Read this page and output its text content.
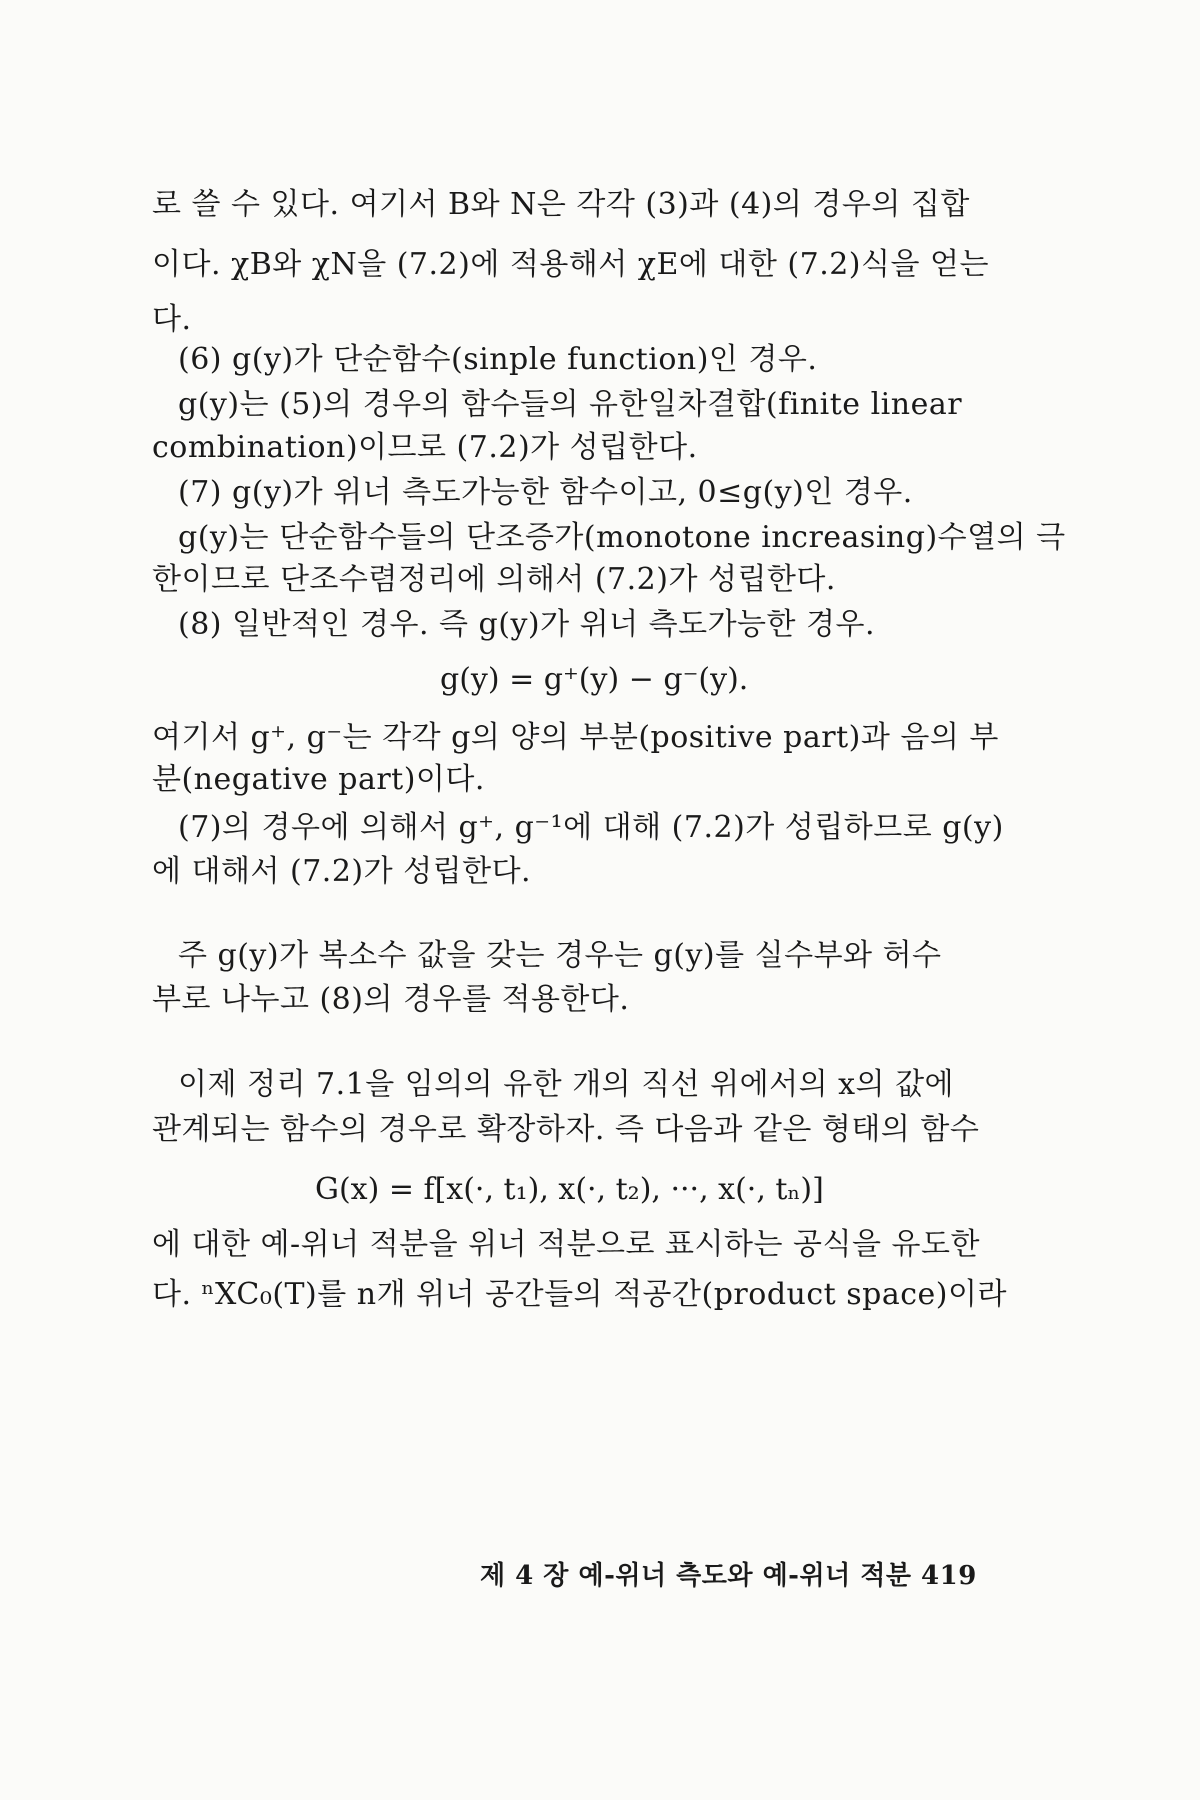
로 쓸 수 있다. 여기서 B와 N은 각각 (3)과 (4)의 경우의 집합
이다. χB와 χN을 (7.2)에 적용해서 χE에 대한 (7.2)식을 얻는
다.
(6) g(y)가 단순함수(sinple function)인 경우.
g(y)는 (5)의 경우의 함수들의 유한일차결합(finite linear
combination)이므로 (7.2)가 성립한다.
(7) g(y)가 위너 측도가능한 함수이고, 0≤g(y)인 경우.
g(y)는 단순함수들의 단조증가(monotone increasing)수열의 극
한이므로 단조수렴정리에 의해서 (7.2)가 성립한다.
(8) 일반적인 경우. 즉 g(y)가 위너 측도가능한 경우.
g(y) = g⁺(y) − g⁻(y).
여기서 g⁺, g⁻는 각각 g의 양의 부분(positive part)과 음의 부
분(negative part)이다.
(7)의 경우에 의해서 g⁺, g⁻¹에 대해 (7.2)가 성립하므로 g(y)
에 대해서 (7.2)가 성립한다.
주 g(y)가 복소수 값을 갖는 경우는 g(y)를 실수부와 허수
부로 나누고 (8)의 경우를 적용한다.
이제 정리 7.1을 임의의 유한 개의 직선 위에서의 x의 값에
관계되는 함수의 경우로 확장하자. 즉 다음과 같은 형태의 함수
G(x) = f[x(·, t₁), x(·, t₂), ···, x(·, tₙ)]
에 대한 예-위너 적분을 위너 적분으로 표시하는 공식을 유도한
다. ⁿXC₀(T)를 n개 위너 공간들의 적공간(product space)이라
제 4 장 예-위너 측도와 예-위너 적분 419
